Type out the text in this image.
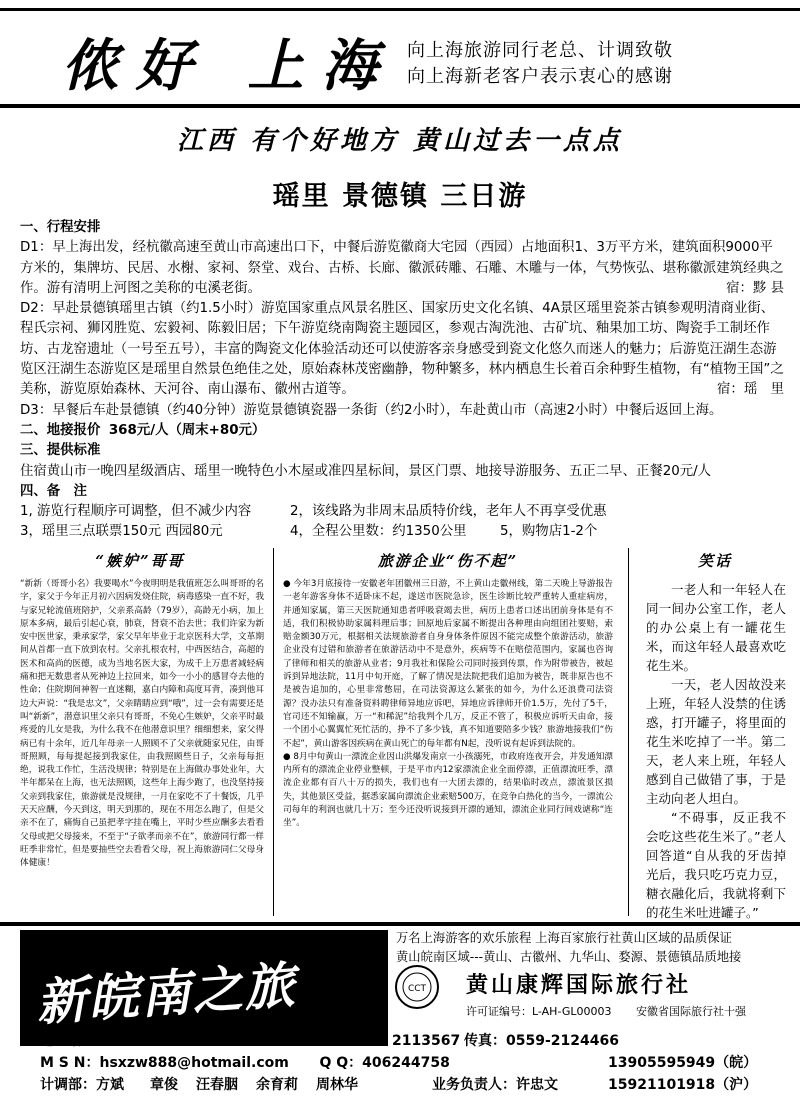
侬好 上海 向上海旅游同行老总、计调致敬
向上海新老客户表示衷心的感谢
江西 有个好地方 黄山过去一点点
瑶里 景德镇 三日游

一、行程安排

D1：早上海出发，经杭徽高速至黄山市高速出口下，中餐后游览徽商大宅园（西园）占地面积1、3万平方米，建筑面积9000平方米的，集牌坊、民居、水榭、家祠、祭堂、戏台、古桥、长廊、徽派砖雕、石雕、木雕与一体，气势恢弘、堪称徽派建筑经典之作。游有清明上河图之美称的屯溪老街。	宿：黟 县

D2：早赴景德镇瑶里古镇（约1.5小时）游览国家重点风景名胜区、国家历史文化名镇、4A景区瑶里瓷茶古镇参观明清商业街、程氏宗祠、狮冈胜览、宏毅祠、陈毅旧居；下午游览绕南陶瓷主题园区，参观古淘洗池、古矿坑、釉果加工坊、陶瓷手工制坯作坊、古龙窑遗址（一号至五号），丰富的陶瓷文化体验活动还可以使游客亲身感受到瓷文化悠久而迷人的魅力；后游览汪湖生态游览区汪湖生态游览区是瑶里自然景色绝佳之处，原始森林茂密幽静，物种繁多，林内栖息生长着百余种野生植物，有“植物王国”之美称，游览原始森林、天河谷、南山瀑布、徽州古道等。	宿：瑶　里

D3：早餐后车赴景德镇（约40分钟）游览景德镇瓷器一条街（约2小时），车赴黄山市（高速2小时）中餐后返回上海。

二、地接报价 368元/人（周末+80元）

三、提供标准

住宿黄山市一晚四星级酒店、瑶里一晚特色小木屋或准四星标间，景区门票、地接导游服务、五正二早、正餐20元/人

四、备　注

1, 游览行程顺序可调整，但不减少内容	2，该线路为非周末品质特价线，老年人不再享受优惠

3，瑶里三点联票150元 西园80元	4，全程公里数：约1350公里 5，购物店1-2个

“嫉妒”哥哥

“新新（哥哥小名）我要喝水”今夜明明是我值班怎么叫哥哥的名字，家父于今年正月初六因病发烧住院，病毒感染一直不好，我与家兄轮流值班陪护，父亲系高龄（79岁），高龄无小病，加上原本多病，最后引起心衰，肺衰，肾衰不治去世；我们许家为新安中医世家，秉承家学，家父早年毕业于北京医科大学，文革期间从首都一直下放到农村。父亲扎根农村，中西医结合，高超的医术和高尚的医德，成为当地名医大家，为成千上万患者减轻病痛和把无数患者从死神边上拉回来，如今一小小的感冒夺去他的性命；住院期间神智一直迷糊，嘉白内障和高度耳背，凑到他耳边大声说：“我是忠文”，父亲睛睛应到“哦”，过一会有需要还是叫“新新”，潜意识里父亲只有哥哥，不免心生嫉妒，父亲平时最疼爱的儿女是我，为什么我不在他潜意识里？细细想来，家父得病已有十余年，近几年母亲一人照顾不了父亲就随家兄住，由哥哥照顾，每每提起接到我家住，由我照顾些日子，父亲每每拒绝，说我工作忙，生活没规律；特别是在上海做办事处业年，大半年都呆在上海，也无法照顾，这些年上海少跑了，也没坚持接父亲到我家住，旅游就是没规律，一月在家吃不了十餐饭，几乎天天应酬，今天到这，明天到那的，现在不用怎么跑了，但是父亲不在了，痛悔自己虽把孝字挂在嘴上，平时少些应酬多去看看父母或把父母接来，不至于“子欲孝而亲不在”，旅游同行都一样旺季非常忙，但是要抽些空去看看父母，祝上海旅游同仁父母身体健康！

旅游企业“伤不起”

● 今年3月底接待一安徽老年团徽州三日游，不上黄山走徽州线，第二天晚上导游报告一老年游客身体不适卧床不起，遂送市医院急诊，医生诊断比较严重转人重症病房，并通知家属，第三天医院通知患者呼吸衰竭去世，病历上患者口述出团前身体是有不适，我们积极协助家属料理后事；回原地后家属不断提出各种理由向组团社要赔，索赔金额30万元，根据相关法规旅游者自身身体条件原因不能完成整个旅游活动，旅游企业没有过错和旅游者在旅游活动中不是意外，疾病等不在赔偿范围内，家属也咨询了律师和相关的旅游从业者；9月我社和保险公司同时接到传票，作为附带被告，被起诉到异地法院，11月中旬开庭，了解了情况是法院把我们追加为被告，既非原告也不是被告追加的，心里非常憋屈，在司法资源这么紧张的如今，为什么还浪费司法资源？没办法只有准备资料聘律师异地应诉吧，异地应诉律师开价1.5万，先付了5千，官司还不知输赢，万一“和稀泥”给我判个几万，反正不管了，积极应诉听天由命，接一个团小心翼翼忙死忙活的，挣不了多少钱，真不知道要陪多少钱？旅游地接我们“伤不起”，黄山游客因疾病在黄山死亡的每年都有N起，没听说有起诉到法院的。

● 8月中旬黄山一漂流企业因山洪爆发南京一小孩溺死，市政府连夜开会，并发通知漂内所有的漂流企业停业整顿，于是平市内12家漂流企业全面停漂，正值漂流旺季，漂流企业都有百八十万的损失，我们也有一大团去漂的，结果临时改点，漂流景区损失，其他景区受益，据悉家属向漂流企业索赔500万，在竞争白热化的当今，一漂流公司每年的利润也就几十万；至今还没听说接到开漂的通知，漂流企业同行间戏谑称“连坐”。

笑话

一老人和一年轻人在同一间办公室工作，老人的办公桌上有一罐花生米，而这年轻人最喜欢吃花生米。

一天，老人因故没来上班，年轻人没禁的住诱惑，打开罐子，将里面的花生米吃掉了一半。第二天，老人来上班，年轻人感到自己做错了事，于是主动向老人坦白。

“不碍事，反正我不会吃这些花生米了。”老人回答道“自从我的牙齿掉光后，我只吃巧克力豆，糖衣融化后，我就将剩下的花生米吐进罐子。”

新皖南之旅
万名上海游客的欢乐旅程 上海百家旅行社黄山区域的品质保证
黄山皖南区域---黄山、古徽州、九华山、婺源、景德镇品质地接
CCT 黄山康辉国际旅行社
许可证编号：L-AH-GL00003 安徽省国际旅行社十强
电　话：0559-2121677 2121678 2121679 2113567 传真：0559-2124466
M S N：hsxzw888@hotmail.com Q Q：406244758
计调部：方斌 章俊 汪春胭 余育莉 周林华	业务负责人：许忠文
13905595949（皖）
15921101918（沪）
